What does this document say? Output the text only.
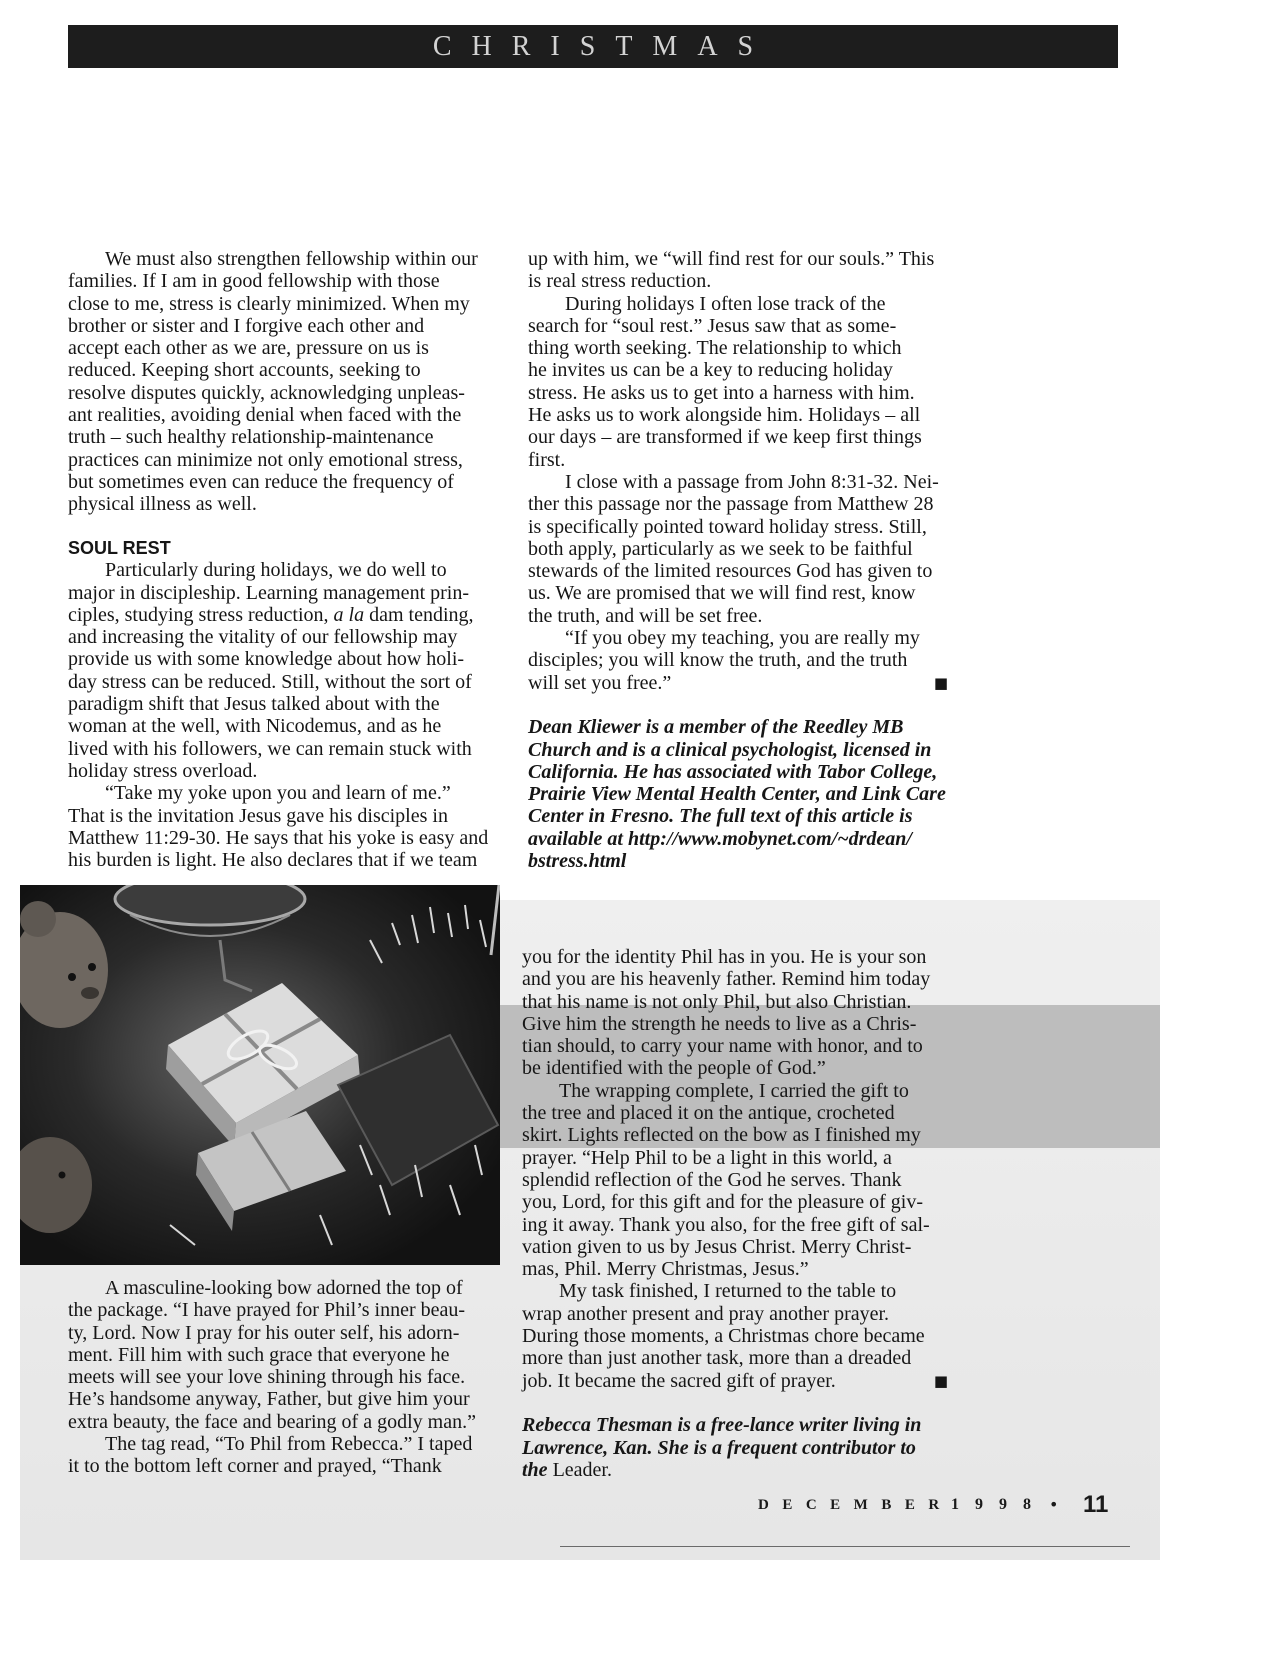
CHRISTMAS
We must also strengthen fellowship within our
families. If I am in good fellowship with those
close to me, stress is clearly minimized. When my
brother or sister and I forgive each other and
accept each other as we are, pressure on us is
reduced. Keeping short accounts, seeking to
resolve disputes quickly, acknowledging unpleas-
ant realities, avoiding denial when faced with the
truth – such healthy relationship-maintenance
practices can minimize not only emotional stress,
but sometimes even can reduce the frequency of
physical illness as well.
SOUL REST
Particularly during holidays, we do well to
major in discipleship. Learning management prin-
ciples, studying stress reduction, a la dam tending,
and increasing the vitality of our fellowship may
provide us with some knowledge about how holi-
day stress can be reduced. Still, without the sort of
paradigm shift that Jesus talked about with the
woman at the well, with Nicodemus, and as he
lived with his followers, we can remain stuck with
holiday stress overload.
“Take my yoke upon you and learn of me.”
That is the invitation Jesus gave his disciples in
Matthew 11:29-30. He says that his yoke is easy and
his burden is light. He also declares that if we team
up with him, we “will find rest for our souls.” This
is real stress reduction.
During holidays I often lose track of the
search for “soul rest.” Jesus saw that as some-
thing worth seeking. The relationship to which
he invites us can be a key to reducing holiday
stress. He asks us to get into a harness with him.
He asks us to work alongside him. Holidays – all
our days – are transformed if we keep first things
first.
I close with a passage from John 8:31-32. Nei-
ther this passage nor the passage from Matthew 28
is specifically pointed toward holiday stress. Still,
both apply, particularly as we seek to be faithful
stewards of the limited resources God has given to
us. We are promised that we will find rest, know
the truth, and will be set free.
“If you obey my teaching, you are really my
disciples; you will know the truth, and the truth
will set you free.”	■
Dean Kliewer is a member of the Reedley MB
Church and is a clinical psychologist, licensed in
California. He has associated with Tabor College,
Prairie View Mental Health Center, and Link Care
Center in Fresno. The full text of this article is
available at http://www.mobynet.com/~drdean/
bstress.html
A masculine-looking bow adorned the top of
the package. “I have prayed for Phil’s inner beau-
ty, Lord. Now I pray for his outer self, his adorn-
ment. Fill him with such grace that everyone he
meets will see your love shining through his face.
He’s handsome anyway, Father, but give him your
extra beauty, the face and bearing of a godly man.”
The tag read, “To Phil from Rebecca.” I taped
it to the bottom left corner and prayed, “Thank
you for the identity Phil has in you. He is your son
and you are his heavenly father. Remind him today
that his name is not only Phil, but also Christian.
Give him the strength he needs to live as a Chris-
tian should, to carry your name with honor, and to
be identified with the people of God.”
The wrapping complete, I carried the gift to
the tree and placed it on the antique, crocheted
skirt. Lights reflected on the bow as I finished my
prayer. “Help Phil to be a light in this world, a
splendid reflection of the God he serves. Thank
you, Lord, for this gift and for the pleasure of giv-
ing it away. Thank you also, for the free gift of sal-
vation given to us by Jesus Christ. Merry Christ-
mas, Phil. Merry Christmas, Jesus.”
My task finished, I returned to the table to
wrap another present and pray another prayer.
During those moments, a Christmas chore became
more than just another task, more than a dreaded
job. It became the sacred gift of prayer.	■
Rebecca Thesman is a free-lance writer living in
Lawrence, Kan. She is a frequent contributor to
the Leader.
DECEMBER
1998 • 11
